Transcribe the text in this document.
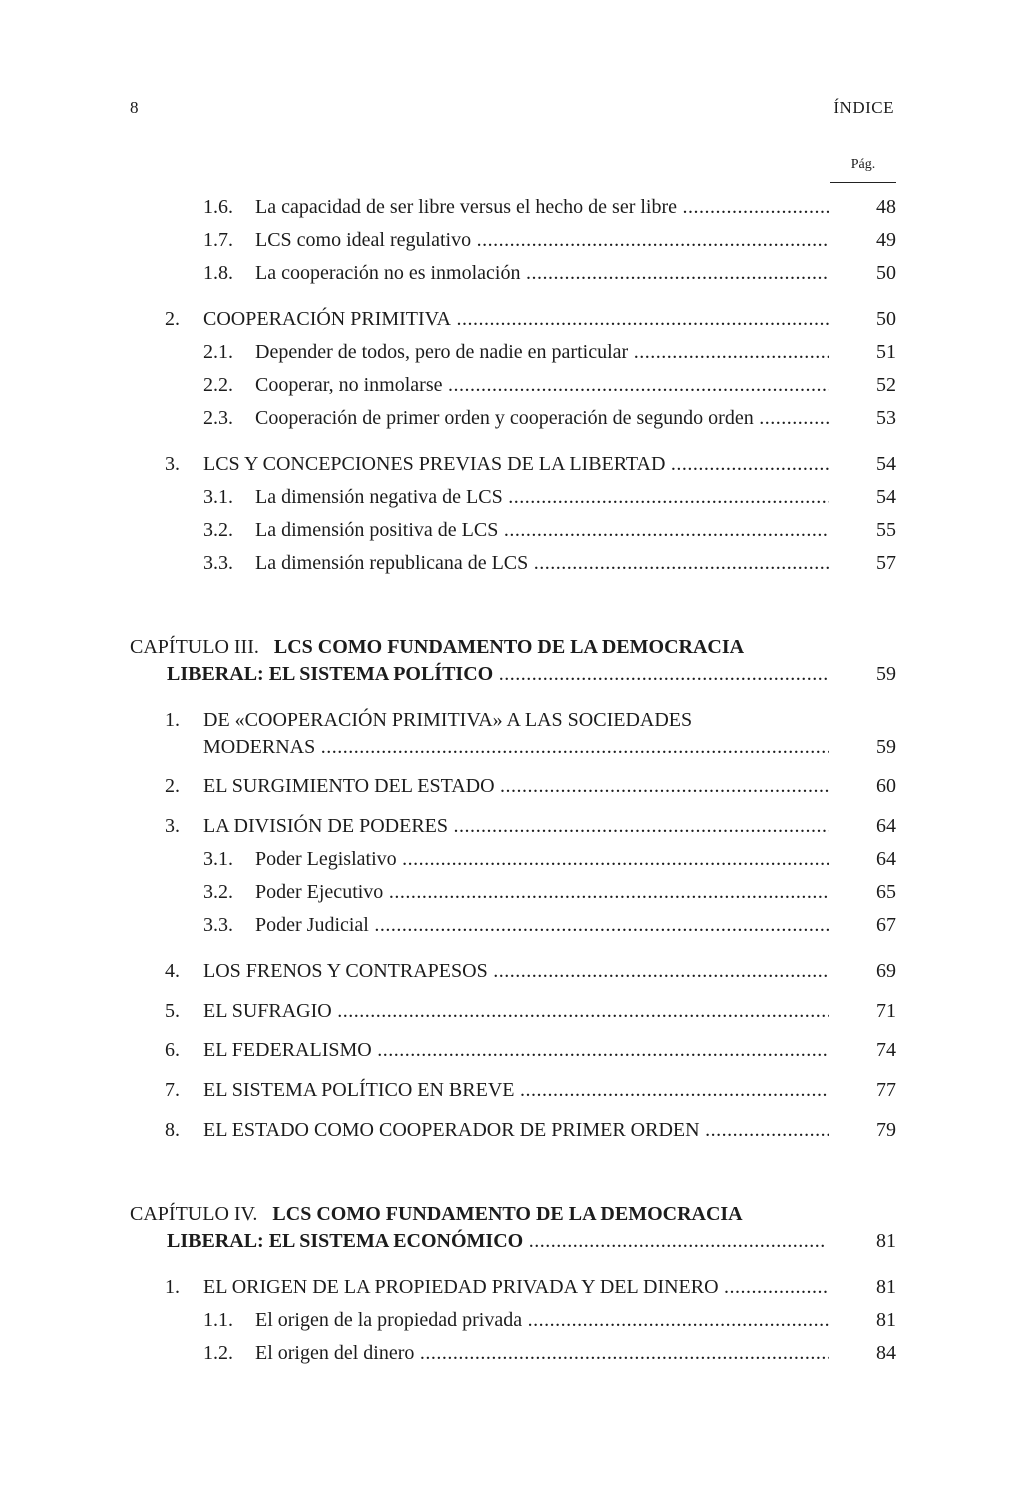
8	ÍNDICE
Pág.
1.6. La capacidad de ser libre versus el hecho de ser libre .....	48
1.7. LCS como ideal regulativo .....	49
1.8. La cooperación no es inmolación .....	50
2. COOPERACIÓN PRIMITIVA .....	50
2.1. Depender de todos, pero de nadie en particular .....	51
2.2. Cooperar, no inmolarse .....	52
2.3. Cooperación de primer orden y cooperación de segundo orden .....	53
3. LCS Y CONCEPCIONES PREVIAS DE LA LIBERTAD .....	54
3.1. La dimensión negativa de LCS .....	54
3.2. La dimensión positiva de LCS .....	55
3.3. La dimensión republicana de LCS .....	57
CAPÍTULO III. LCS COMO FUNDAMENTO DE LA DEMOCRACIA
LIBERAL: EL SISTEMA POLÍTICO .....	59
1. DE «COOPERACIÓN PRIMITIVA» A LAS SOCIEDADES
MODERNAS .....	59
2. EL SURGIMIENTO DEL ESTADO .....	60
3. LA DIVISIÓN DE PODERES .....	64
3.1. Poder Legislativo .....	64
3.2. Poder Ejecutivo .....	65
3.3. Poder Judicial .....	67
4. LOS FRENOS Y CONTRAPESOS .....	69
5. EL SUFRAGIO .....	71
6. EL FEDERALISMO .....	74
7. EL SISTEMA POLÍTICO EN BREVE .....	77
8. EL ESTADO COMO COOPERADOR DE PRIMER ORDEN .....	79
CAPÍTULO IV. LCS COMO FUNDAMENTO DE LA DEMOCRACIA
LIBERAL: EL SISTEMA ECONÓMICO .....	81
1. EL ORIGEN DE LA PROPIEDAD PRIVADA Y DEL DINERO .....	81
1.1. El origen de la propiedad privada .....	81
1.2. El origen del dinero .....	84
